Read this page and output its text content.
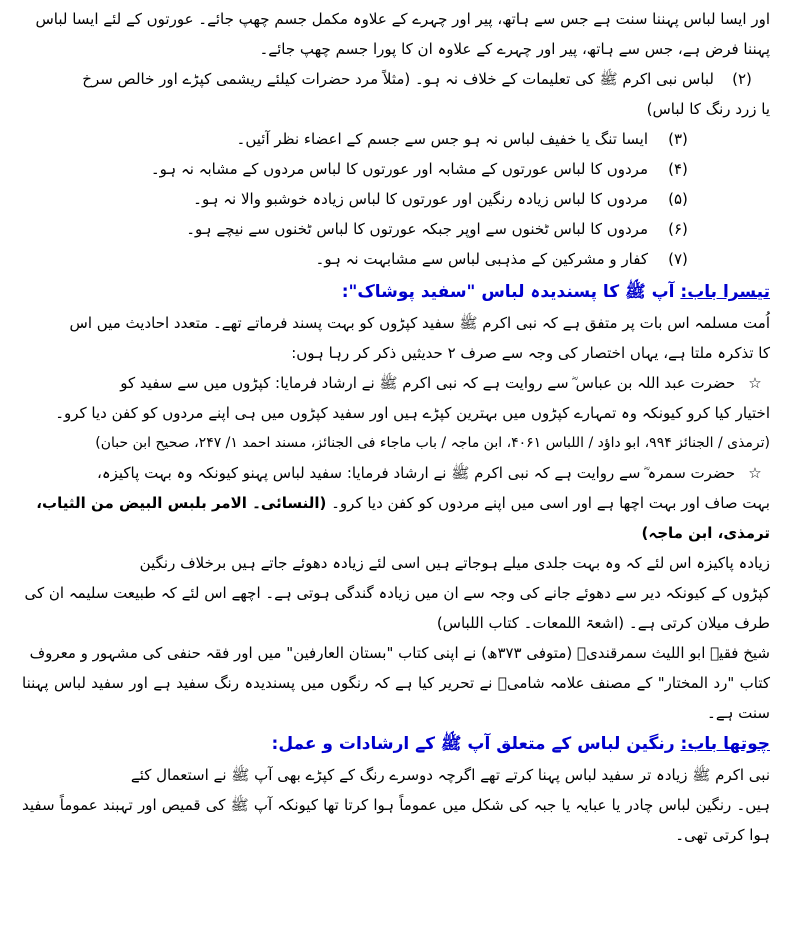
اور ایسا لباس پہننا سنت ہے جس سے ہاتھ، پیر اور چہرے کے علاوہ مکمل جسم چھپ جائے۔ عورتوں کے لئے ایسا لباس

پہننا فرض ہے، جس سے ہاتھ، پیر اور چہرے کے علاوہ ان کا پورا جسم چھپ جائے۔

(۲)
لباس نبی اکرم ﷺ کی تعلیمات کے خلاف نہ ہو۔ (مثلاً مرد حضرات کیلئے ریشمی کپڑے اور خالص سرخ

یا زرد رنگ کا لباس)

(۳)
ایسا تنگ یا خفیف لباس نہ ہو جس سے جسم کے اعضاء نظر آئیں۔
(۴)
مردوں کا لباس عورتوں کے مشابہ اور عورتوں کا لباس مردوں کے مشابہ نہ ہو۔
(۵)
مردوں کا لباس زیادہ رنگین اور عورتوں کا لباس زیادہ خوشبو والا نہ ہو۔
(۶)
مردوں کا لباس ٹخنوں سے اوپر جبکہ عورتوں کا لباس ٹخنوں سے نیچے ہو۔
(۷)
کفار و مشرکین کے مذہبی لباس سے مشابہت نہ ہو۔

تیسرا باب: آپ ﷺ کا پسندیدہ لباس "سفید پوشاک":

اُمت مسلمہ اس بات پر متفق ہے کہ نبی اکرم ﷺ سفید کپڑوں کو بہت پسند فرماتے تھے۔ متعدد احادیث میں اس

کا تذکرہ ملتا ہے، یہاں اختصار کی وجہ سے صرف ۲ حدیثیں ذکر کر رہا ہوں:

☆ حضرت عبد اللہ بن عباس ؓ سے روایت ہے کہ نبی اکرم ﷺ نے ارشاد فرمایا: کپڑوں میں سے سفید کو

اختیار کیا کرو کیونکہ وہ تمہارے کپڑوں میں بہترین کپڑے ہیں اور سفید کپڑوں میں ہی اپنے مردوں کو کفن دیا کرو۔

(ترمذی / الجنائز ۹۹۴، ابو داؤد / اللباس ۴۰۶۱، ابن ماجہ / باب ماجاء فی الجنائز، مسند احمد ۱/ ۲۴۷، صحیح ابن حبان)

☆ حضرت سمرہ ؓ سے روایت ہے کہ نبی اکرم ﷺ نے ارشاد فرمایا: سفید لباس پہنو کیونکہ وہ بہت پاکیزہ،

بہت صاف اور بہت اچھا ہے اور اسی میں اپنے مردوں کو کفن دیا کرو۔ (النسائی۔ الامر بلبس البیض من الثیاب،

ترمذی، ابن ماجہ)

زیادہ پاکیزہ اس لئے کہ وہ بہت جلدی میلے ہوجاتے ہیں اسی لئے زیادہ دھوئے جاتے ہیں برخلاف رنگین

کپڑوں کے کیونکہ دیر سے دھوئے جانے کی وجہ سے ان میں زیادہ گندگی ہوتی ہے۔ اچھے اس لئے کہ طبیعت سلیمہ ان کی

طرف میلان کرتی ہے۔ (اشعۃ اللمعات۔ کتاب اللباس)

شیخ فقیہ ابو اللیث سمرقندیؒ (متوفی ۳۷۳ھ) نے اپنی کتاب "بستان العارفین" میں اور فقہ حنفی کی مشہور و معروف

کتاب "رد المختار" کے مصنف علامہ شامیؒ نے تحریر کیا ہے کہ رنگوں میں پسندیدہ رنگ سفید ہے اور سفید لباس پہننا سنت ہے۔

چوتھا باب: رنگین لباس کے متعلق آپ ﷺ کے ارشادات و عمل:

نبی اکرم ﷺ زیادہ تر سفید لباس پہنا کرتے تھے اگرچہ دوسرے رنگ کے کپڑے بھی آپ ﷺ نے استعمال کئے

ہیں۔ رنگین لباس چادر یا عبایہ یا جبہ کی شکل میں عموماً ہوا کرتا تھا کیونکہ آپ ﷺ کی قمیص اور تہبند عموماً سفید ہوا کرتی تھی۔
